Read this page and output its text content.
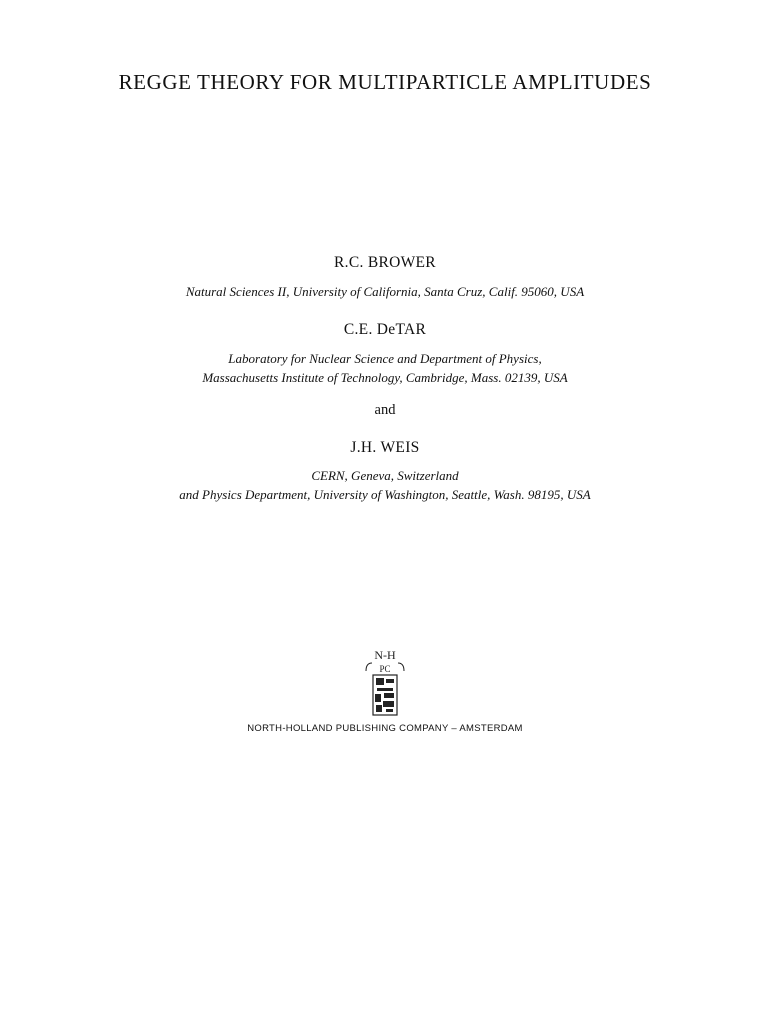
REGGE THEORY FOR MULTIPARTICLE AMPLITUDES
R.C. BROWER
Natural Sciences II, University of California, Santa Cruz, Calif. 95060, USA
C.E. DeTAR
Laboratory for Nuclear Science and Department of Physics,
Massachusetts Institute of Technology, Cambridge, Mass. 02139, USA
and
J.H. WEIS
CERN, Geneva, Switzerland
and Physics Department, University of Washington, Seattle, Wash. 98195, USA
N-H
PC
NORTH-HOLLAND PUBLISHING COMPANY – AMSTERDAM
